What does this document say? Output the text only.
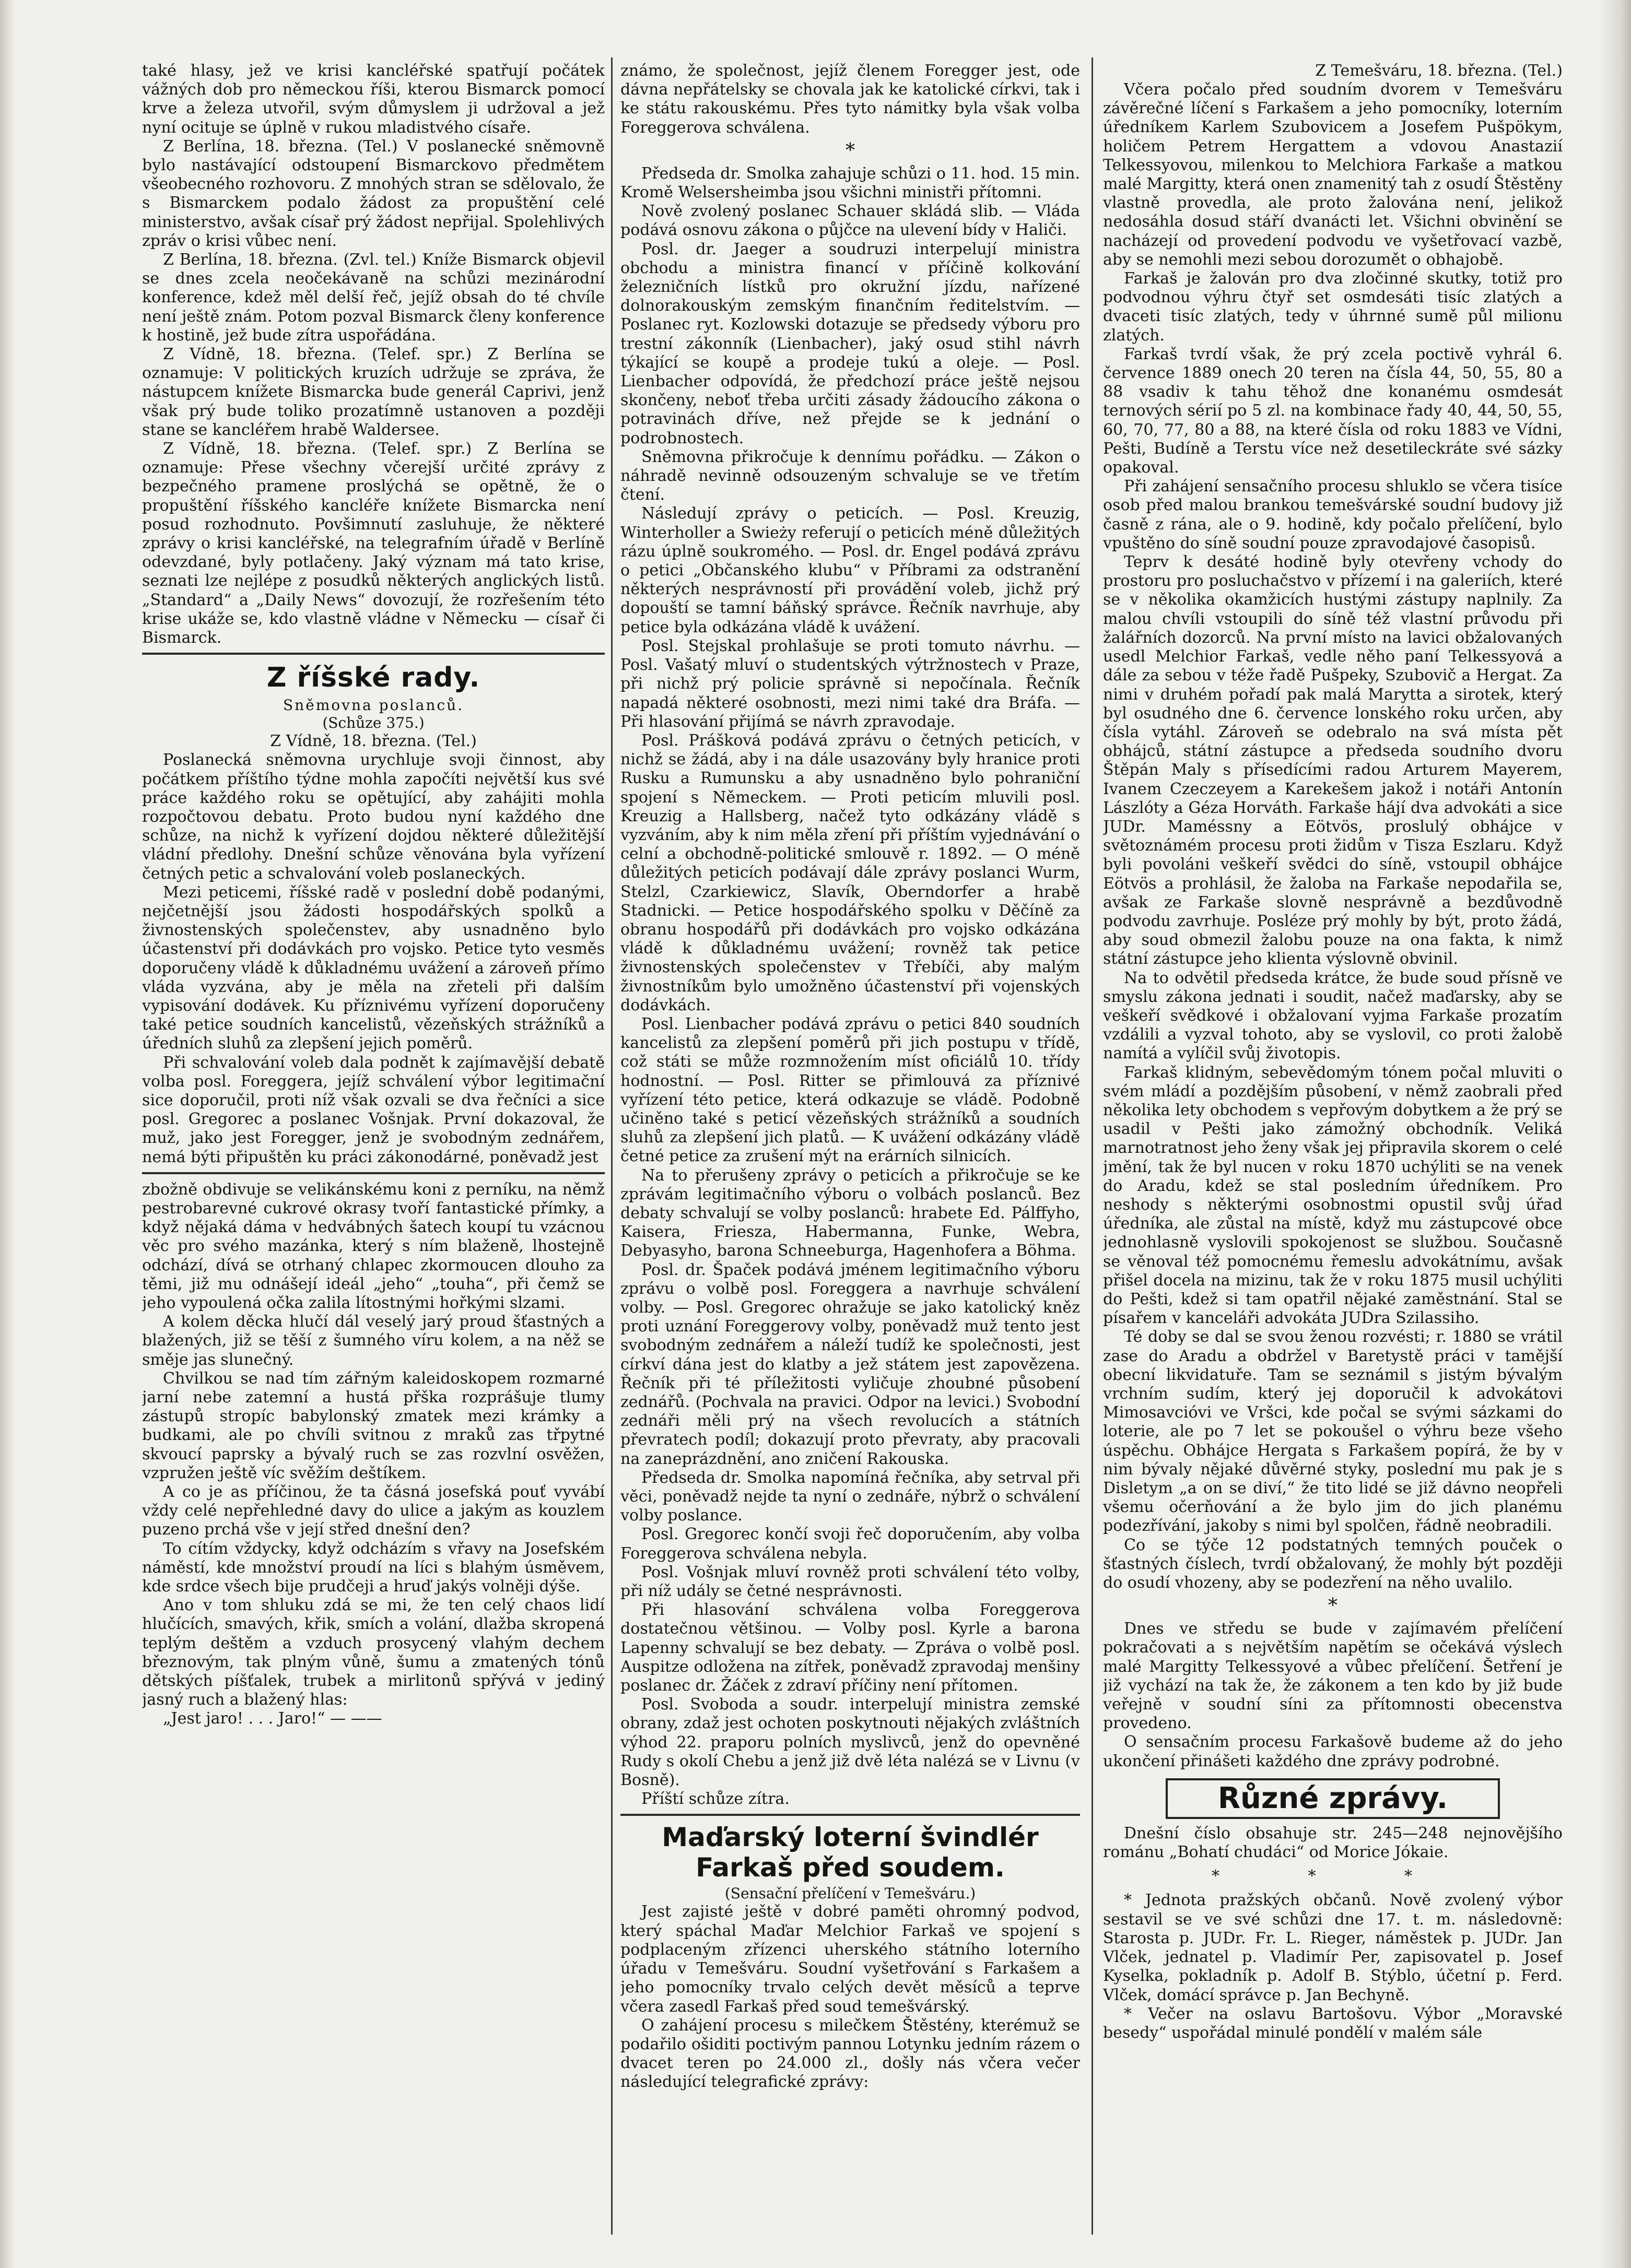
také hlasy, jež ve krisi kancléřské spatřují počátek vážných dob pro německou říši, kterou Bismarck pomocí krve a železa utvořil, svým důmyslem ji udržoval a jež nyní ocituje se úplně v rukou mladistvého císaře.

Z Berlína, 18. března. (Tel.) V poslanecké sněmovně bylo nastávající odstoupení Bismarckovo předmětem všeobecného rozhovoru. Z mnohých stran se sdělovalo, že s Bismarckem podalo žádost za propuštění celé ministerstvo, avšak císař prý žádost nepřijal. Spolehlivých zpráv o krisi vůbec není.

Z Berlína, 18. března. (Zvl. tel.) Kníže Bismarck objevil se dnes zcela neočekávaně na schůzi mezinárodní konference, kdež měl delší řeč, jejíž obsah do té chvíle není ještě znám. Potom pozval Bismarck členy konference k hostině, jež bude zítra uspořádána.

Z Vídně, 18. března. (Telef. spr.) Z Berlína se oznamuje: V politických kruzích udržuje se zpráva, že nástupcem knížete Bismarcka bude generál Caprivi, jenž však prý bude toliko prozatímně ustanoven a později stane se kancléřem hrabě Waldersee.

Z Vídně, 18. března. (Telef. spr.) Z Berlína se oznamuje: Přese všechny včerejší určité zprávy z bezpečného pramene proslýchá se opětně, že o propuštění říšského kancléře knížete Bismarcka není posud rozhodnuto. Povšimnutí zasluhuje, že některé zprávy o krisi kancléřské, na telegrafním úřadě v Berlíně odevzdané, byly potlačeny. Jaký význam má tato krise, seznati lze nejlépe z posudků některých anglických listů. „Standard“ a „Daily News“ dovozují, že rozřešením této krise ukáže se, kdo vlastně vládne v Německu — císař či Bismarck.

Z říšské rady.
Sněmovna poslanců.
(Schůze 375.)
Z Vídně, 18. března. (Tel.)

Poslanecká sněmovna urychluje svoji činnost, aby počátkem příštího týdne mohla započíti největší kus své práce každého roku se opětující, aby zahájiti mohla rozpočtovou debatu. Proto budou nyní každého dne schůze, na nichž k vyřízení dojdou některé důležitější vládní předlohy. Dnešní schůze věnována byla vyřízení četných petic a schvalování voleb poslaneckých.

Mezi peticemi, říšské radě v poslední době podanými, nejčetnější jsou žádosti hospodářských spolků a živnostenských společenstev, aby usnadněno bylo účastenství při dodávkách pro vojsko. Petice tyto vesměs doporučeny vládě k důkladnému uvážení a zároveň přímo vláda vyzvána, aby je měla na zřeteli při dalším vypisování dodávek. Ku příznivému vyřízení doporučeny také petice soudních kancelistů, vězeňských strážníků a úředních sluhů za zlepšení jejich poměrů.

Při schvalování voleb dala podnět k zajímavější debatě volba posl. Foreggera, jejíž schválení výbor legitimační sice doporučil, proti níž však ozvali se dva řečníci a sice posl. Gregorec a poslanec Vošnjak. První dokazoval, že muž, jako jest Foregger, jenž je svobodným zednářem, nemá býti připuštěn ku práci zákonodárné, poněvadž jest

zbožně obdivuje se velikánskému koni z perníku, na němž pestrobarevné cukrové okrasy tvoří fantastické přímky, a když nějaká dáma v hedvábných šatech koupí tu vzácnou věc pro svého mazánka, který s ním blaženě, lhostejně odchází, dívá se otrhaný chlapec zkormoucen dlouho za těmi, již mu odnášejí ideál „jeho“ „touha“, při čemž se jeho vypoulená očka zalila lítostnými hořkými slzami.

A kolem děcka hlučí dál veselý jarý proud šťastných a blažených, již se těší z šumného víru kolem, a na něž se směje jas slunečný.

Chvilkou se nad tím zářným kaleidoskopem rozmarné jarní nebe zatemní a hustá přška rozprášuje tlumy zástupů stropíc babylonský zmatek mezi krámky a budkami, ale po chvíli svitnou z mraků zas třpytné skvoucí paprsky a bývalý ruch se zas rozvlní osvěžen, vzpružen ještě víc svěžím deštíkem.

A co je as příčinou, že ta čásná josefská pouť vyvábí vždy celé nepřehledné davy do ulice a jakým as kouzlem puzeno prchá vše v její střed dnešní den?

To cítím vždycky, když odcházím s vřavy na Josefském náměstí, kde množství proudí na líci s blahým úsměvem, kde srdce všech bije prudčeji a hruď jakýs volněji dýše.

Ano v tom shluku zdá se mi, že ten celý chaos lidí hlučících, smavých, křik, smích a volání, dlažba skropená teplým deštěm a vzduch prosycený vlahým dechem březnovým, tak plným vůně, šumu a zmatených tónů dětských píšťalek, trubek a mirlitonů spřývá v jediný jasný ruch a blažený hlas:

„Jest jaro! . . . Jaro!“ — ——

známo, že společnost, jejíž členem Foregger jest, ode dávna nepřátelsky se chovala jak ke katolické církvi, tak i ke státu rakouskému. Přes tyto námitky byla však volba Foreggerova schválena.

*

Předseda dr. Smolka zahajuje schůzi o 11. hod. 15 min. Kromě Welsersheimba jsou všichni ministři přítomni.

Nově zvolený poslanec Schauer skládá slib. — Vláda podává osnovu zákona o půjčce na ulevení bídy v Haliči.

Posl. dr. Jaeger a soudruzi interpelují ministra obchodu a ministra financí v příčině kolkování železničních lístků pro okružní jízdu, nařízené dolnorakouským zemským finančním ředitelstvím. — Poslanec ryt. Kozlowski dotazuje se předsedy výboru pro trestní zákonník (Lienbacher), jaký osud stihl návrh týkající se koupě a prodeje tukú a oleje. — Posl. Lienbacher odpovídá, že předchozí práce ještě nejsou skončeny, neboť třeba určiti zásady žádoucího zákona o potravinách dříve, než přejde se k jednání o podrobnostech.

Sněmovna přikročuje k dennímu pořádku. — Zákon o náhradě nevinně odsouzeným schvaluje se ve třetím čtení.

Následují zprávy o peticích. — Posl. Kreuzig, Winterholler a Swieży referují o peticích méně důležitých rázu úplně soukromého. — Posl. dr. Engel podává zprávu o petici „Občanského klubu“ v Příbrami za odstranění některých nesprávností při provádění voleb, jichž prý dopouští se tamní báňský správce. Řečník navrhuje, aby petice byla odkázána vládě k uvážení.

Posl. Stejskal prohlašuje se proti tomuto návrhu. — Posl. Vašatý mluví o studentských výtržnostech v Praze, při nichž prý policie správně si nepočínala. Řečník napadá některé osobnosti, mezi nimi také dra Bráfa. — Při hlasování přijímá se návrh zpravodaje.

Posl. Prášková podává zprávu o četných peticích, v nichž se žádá, aby i na dále usazovány byly hranice proti Rusku a Rumunsku a aby usnadněno bylo pohraniční spojení s Německem. — Proti peticím mluvili posl. Kreuzig a Hallsberg, načež tyto odkázány vládě s vyzváním, aby k nim měla zření při příštím vyjednávání o celní a obchodně-politické smlouvě r. 1892. — O méně důležitých peticích podávají dále zprávy poslanci Wurm, Stelzl, Czarkiewicz, Slavík, Oberndorfer a hrabě Stadnicki. — Petice hospodářského spolku v Děčíně za obranu hospodářů při dodávkách pro vojsko odkázána vládě k důkladnému uvážení; rovněž tak petice živnostenských společenstev v Třebíči, aby malým živnostníkům bylo umožněno účastenství při vojenských dodávkách.

Posl. Lienbacher podává zprávu o petici 840 soudních kancelistů za zlepšení poměrů při jich postupu v třídě, což státi se může rozmnožením míst oficiálů 10. třídy hodnostní. — Posl. Ritter se přimlouvá za příznivé vyřízení této petice, která odkazuje se vládě. Podobně učiněno také s peticí vězeňských strážníků a soudních sluhů za zlepšení jich platů. — K uvážení odkázány vládě četné petice za zrušení mýt na erárních silnicích.

Na to přerušeny zprávy o peticích a přikročuje se ke zprávám legitimačního výboru o volbách poslanců. Bez debaty schvalují se volby poslanců: hrabete Ed. Pálffyho, Kaisera, Friesza, Habermanna, Funke, Webra, Debyasyho, barona Schneeburga, Hagenhofera a Böhma.

Posl. dr. Špaček podává jménem legitimačního výboru zprávu o volbě posl. Foreggera a navrhuje schválení volby. — Posl. Gregorec ohražuje se jako katolický kněz proti uznání Foreggerovy volby, poněvadž muž tento jest svobodným zednářem a náleží tudíž ke společnosti, jest církví dána jest do klatby a jež státem jest zapovězena. Řečník při té příležitosti vyličuje zhoubné působení zednářů. (Pochvala na pravici. Odpor na levici.) Svobodní zednáři měli prý na všech revolucích a státních převratech podíl; dokazují proto převraty, aby pracovali na zaneprázdnění, ano zničení Rakouska.

Předseda dr. Smolka napomíná řečníka, aby setrval při věci, poněvadž nejde ta nyní o zednáře, nýbrž o schválení volby poslance.

Posl. Gregorec končí svoji řeč doporučením, aby volba Foreggerova schválena nebyla.

Posl. Vošnjak mluví rovněž proti schválení této volby, při níž udály se četné nesprávnosti.

Při hlasování schválena volba Foreggerova dostatečnou většinou. — Volby posl. Kyrle a barona Lapenny schvalují se bez debaty. — Zpráva o volbě posl. Auspitze odložena na zítřek, poněvadž zpravodaj menšiny poslanec dr. Žáček z zdraví příčiny není přítomen.

Posl. Svoboda a soudr. interpelují ministra zemské obrany, zdaž jest ochoten poskytnouti nějakých zvláštních výhod 22. praporu polních myslivců, jenž do opevněné Rudy s okolí Chebu a jenž již dvě léta nalézá se v Livnu (v Bosně).

Příští schůze zítra.

Maďarský loterní švindlér Farkaš před soudem.
(Sensační přelíčení v Temešváru.)

Jest zajisté ještě v dobré paměti ohromný podvod, který spáchal Maďar Melchior Farkaš ve spojení s podplaceným zřízenci uherského státního loterního úřadu v Temešváru. Soudní vyšetřování s Farkašem a jeho pomocníky trvalo celých devět měsíců a teprve včera zasedl Farkaš před soud temešvárský.

O zahájení procesu s milečkem Štěstény, kterémuž se podařilo ošiditi poctivým pannou Lotynku jedním rázem o dvacet teren po 24.000 zl., došly nás včera večer následující telegrafické zprávy:

Z Temešváru, 18. března. (Tel.)

Včera počalo před soudním dvorem v Temešváru závěrečné líčení s Farkašem a jeho pomocníky, loterním úředníkem Karlem Szubovicem a Josefem Pušpökym, holičem Petrem Hergattem a vdovou Anastazií Telkessyovou, milenkou to Melchiora Farkaše a matkou malé Margitty, která onen znamenitý tah z osudí Štěstěny vlastně provedla, ale proto žalována není, jelikož nedosáhla dosud stáří dvanácti let. Všichni obvinění se nacházejí od provedení podvodu ve vyšetřovací vazbě, aby se nemohli mezi sebou dorozumět o obhajobě.

Farkaš je žalován pro dva zločinné skutky, totiž pro podvodnou výhru čtyř set osmdesáti tisíc zlatých a dvaceti tisíc zlatých, tedy v úhrnné sumě půl milionu zlatých.

Farkaš tvrdí však, že prý zcela poctivě vyhrál 6. července 1889 onech 20 teren na čísla 44, 50, 55, 80 a 88 vsadiv k tahu těhož dne konanému osmdesát ternových sérií po 5 zl. na kombinace řady 40, 44, 50, 55, 60, 70, 77, 80 a 88, na které čísla od roku 1883 ve Vídni, Pešti, Budíně a Terstu více než desetileckráte své sázky opakoval.

Při zahájení sensačního procesu shluklo se včera tisíce osob před malou brankou temešvárské soudní budovy již časně z rána, ale o 9. hodině, kdy počalo přelíčení, bylo vpuštěno do síně soudní pouze zpravodajové časopisů.

Teprv k desáté hodině byly otevřeny vchody do prostoru pro posluchačstvo v přízemí i na galeriích, které se v několika okamžicích hustými zástupy naplnily. Za malou chvíli vstoupili do síně též vlastní průvodu při žalářních dozorců. Na první místo na lavici obžalovaných usedl Melchior Farkaš, vedle něho paní Telkessyová a dále za sebou v téže řadě Pušpeky, Szubovič a Hergat. Za nimi v druhém pořadí pak malá Marytta a sirotek, který byl osudného dne 6. července lonského roku určen, aby čísla vytáhl. Zároveň se odebralo na svá místa pět obhájců, státní zástupce a předseda soudního dvoru Štěpán Maly s přísedícími radou Arturem Mayerem, Ivanem Czeczeyem a Karekešem jakož i notáři Antonín Lászlóty a Géza Horváth. Farkaše hájí dva advokáti a sice JUDr. Maméssny a Eötvös, proslulý obhájce v světoznámém procesu proti židům v Tisza Eszlaru. Když byli povoláni veškeří svědci do síně, vstoupil obhájce Eötvös a prohlásil, že žaloba na Farkaše nepodařila se, avšak ze Farkaše slovně nesprávně a bezdůvodně podvodu zavrhuje. Posléze prý mohly by být, proto žádá, aby soud obmezil žalobu pouze na ona fakta, k nimž státní zástupce jeho klienta výslovně obvinil.

Na to odvětil předseda krátce, že bude soud přísně ve smyslu zákona jednati i soudit, načež maďarsky, aby se veškeří svědkové i obžalovaní vyjma Farkaše prozatím vzdálili a vyzval tohoto, aby se vyslovil, co proti žalobě namítá a vylíčil svůj životopis.

Farkaš klidným, sebevědomým tónem počal mluviti o svém mládí a pozdějším působení, v němž zaobrali před několika lety obchodem s vepřovým dobytkem a že prý se usadil v Pešti jako zámožný obchodník. Veliká marnotratnost jeho ženy však jej připravila skorem o celé jmění, tak že byl nucen v roku 1870 uchýliti se na venek do Aradu, kdež se stal posledním úředníkem. Pro neshody s některými osobnostmi opustil svůj úřad úředníka, ale zůstal na místě, když mu zástupcové obce jednohlasně vyslovili spokojenost se službou. Současně se věnoval též pomocnému řemeslu advokátnímu, avšak přišel docela na mizinu, tak že v roku 1875 musil uchýliti do Pešti, kdež si tam opatřil nějaké zaměstnání. Stal se písařem v kanceláři advokáta JUDra Szilassiho.

Té doby se dal se svou ženou rozvésti; r. 1880 se vrátil zase do Aradu a obdržel v Baretystě práci v tamější obecní likvidatuře. Tam se seznámil s jistým bývalým vrchním sudím, který jej doporučil k advokátovi Mimosavcióvi ve Vršci, kde počal se svými sázkami do loterie, ale po 7 let se pokoušel o výhru beze všeho úspěchu. Obhájce Hergata s Farkašem popírá, že by v nim bývaly nějaké důvěrné styky, poslední mu pak je s Disletym „a on se diví,“ že tito lidé se již dávno neopřeli všemu očerňování a že bylo jim do jich planému podezřívání, jakoby s nimi byl spolčen, řádně neobradili.

Co se týče 12 podstatných temných pouček o šťastných číslech, tvrdí obžalovaný, že mohly být později do osudí vhozeny, aby se podezření na něho uvalilo.

*

Dnes ve středu se bude v zajímavém přelíčení pokračovati a s největším napětím se očekává výslech malé Margitty Telkessyové a vůbec přelíčení. Šetření je již vychází na tak že, že zákonem a ten kdo by již bude veřejně v soudní síni za přítomnosti obecenstva provedeno.

O sensačním procesu Farkašově budeme až do jeho ukončení přinášeti každého dne zprávy podrobné.

Různé zprávy.

Dnešní číslo obsahuje str. 245—248 nejnovějšího románu „Bohatí chudáci“ od Morice Jókaie.

* * *

* Jednota pražských občanů. Nově zvolený výbor sestavil se ve své schůzi dne 17. t. m. následovně: Starosta p. JUDr. Fr. L. Rieger, náměstek p. JUDr. Jan Vlček, jednatel p. Vladimír Per, zapisovatel p. Josef Kyselka, pokladník p. Adolf B. Stýblo, účetní p. Ferd. Vlček, domácí správce p. Jan Bechyně.

* Večer na oslavu Bartošovu. Výbor „Moravské besedy“ uspořádal minulé pondělí v malém sále
